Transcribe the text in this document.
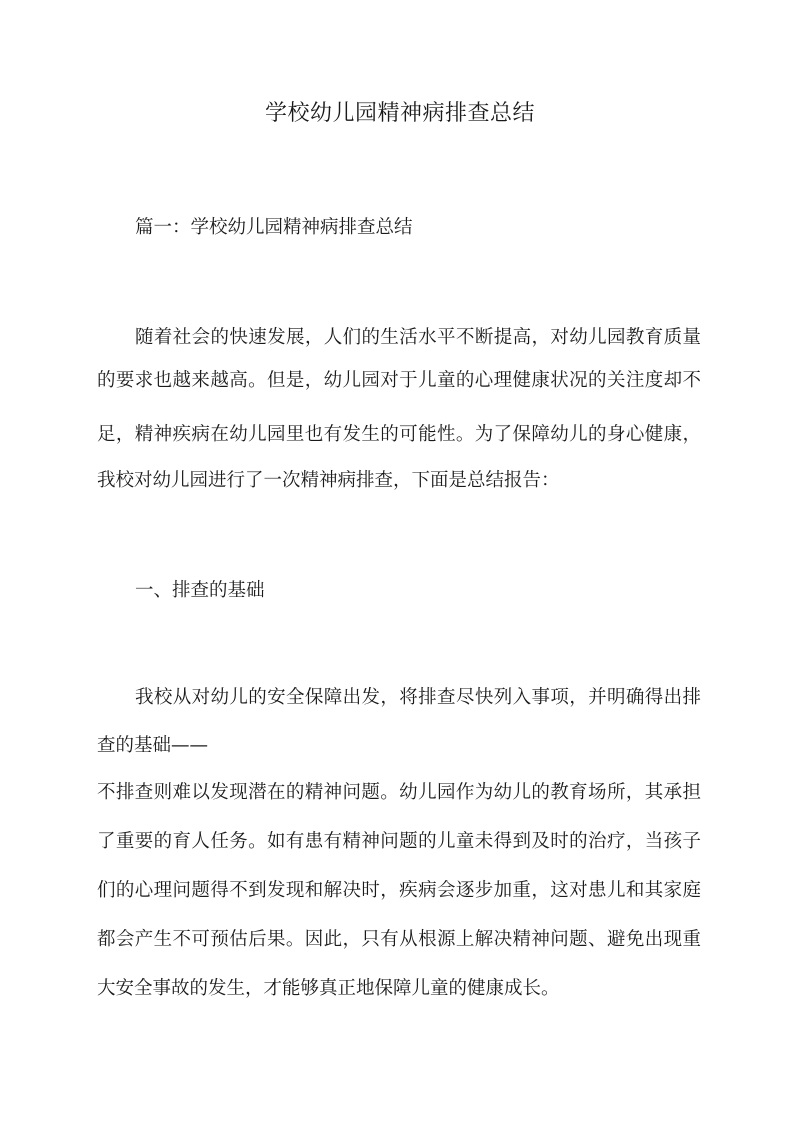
学校幼儿园精神病排查总结
篇一：学校幼儿园精神病排查总结
随着社会的快速发展，人们的生活水平不断提高，对幼儿园教育质量
的要求也越来越高。但是，幼儿园对于儿童的心理健康状况的关注度却不
足，精神疾病在幼儿园里也有发生的可能性。为了保障幼儿的身心健康，
我校对幼儿园进行了一次精神病排查，下面是总结报告：
一、排查的基础
我校从对幼儿的安全保障出发，将排查尽快列入事项，并明确得出排
查的基础——
不排查则难以发现潜在的精神问题。幼儿园作为幼儿的教育场所，其承担
了重要的育人任务。如有患有精神问题的儿童未得到及时的治疗，当孩子
们的心理问题得不到发现和解决时，疾病会逐步加重，这对患儿和其家庭
都会产生不可预估后果。因此，只有从根源上解决精神问题、避免出现重
大安全事故的发生，才能够真正地保障儿童的健康成长。
